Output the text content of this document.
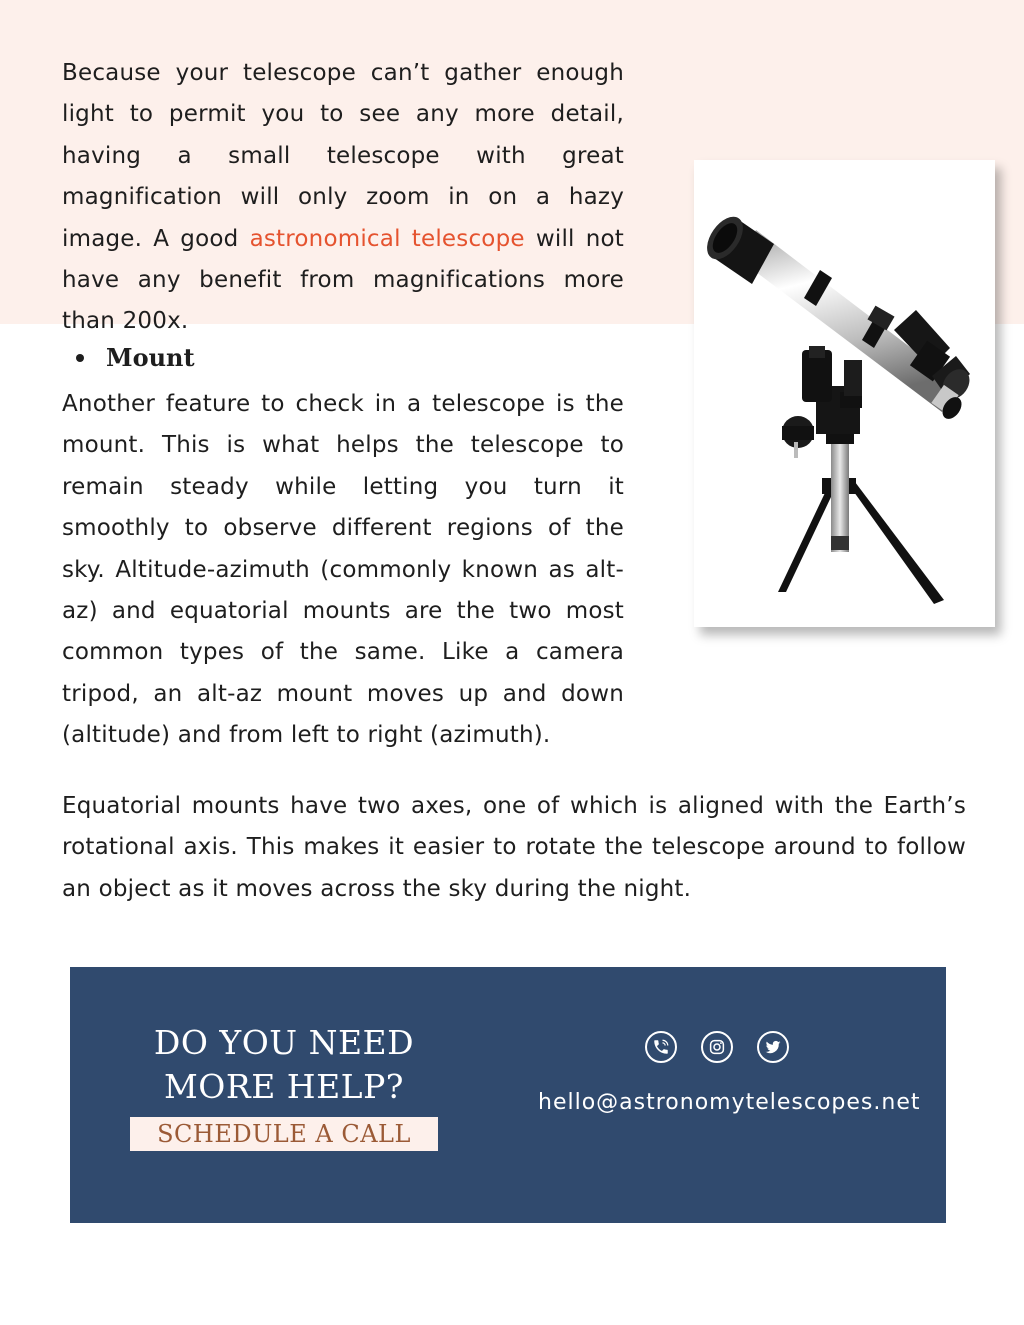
Because your telescope can’t gather enough light to permit you to see any more detail, having a small telescope with great magnification will only zoom in on a hazy image. A good astronomical telescope will not have any benefit from magnifications more than 200x.

Mount

Another feature to check in a telescope is the mount. This is what helps the telescope to remain steady while letting you turn it smoothly to observe different regions of the sky. Altitude-azimuth (commonly known as alt-az) and equatorial mounts are the two most common types of the same. Like a camera tripod, an alt-az mount moves up and down (altitude) and from left to right (azimuth).

Equatorial mounts have two axes, one of which is aligned with the Earth’s rotational axis. This makes it easier to rotate the telescope around to follow an object as it moves across the sky during the night.

DO YOU NEED MORE HELP?
SCHEDULE A CALL
hello@astronomytelescopes.net
